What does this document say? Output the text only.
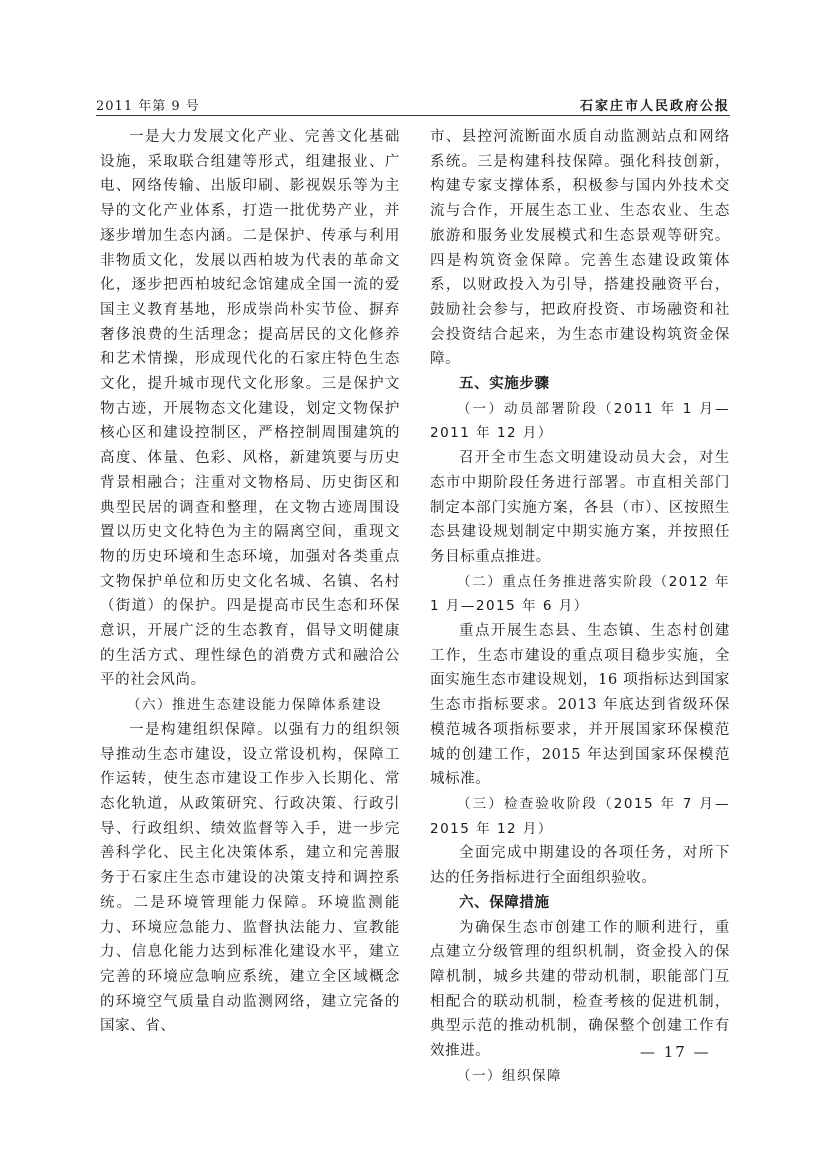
2011 年第 9 号	石家庄市人民政府公报

一是大力发展文化产业、完善文化基础设施，采取联合组建等形式，组建报业、广电、网络传输、出版印刷、影视娱乐等为主导的文化产业体系，打造一批优势产业，并逐步增加生态内涵。二是保护、传承与利用非物质文化，发展以西柏坡为代表的革命文化，逐步把西柏坡纪念馆建成全国一流的爱国主义教育基地，形成崇尚朴实节俭、摒弃奢侈浪费的生活理念；提高居民的文化修养和艺术情操，形成现代化的石家庄特色生态文化，提升城市现代文化形象。三是保护文物古迹，开展物态文化建设，划定文物保护核心区和建设控制区，严格控制周围建筑的高度、体量、色彩、风格，新建筑要与历史背景相融合；注重对文物格局、历史街区和典型民居的调查和整理，在文物古迹周围设置以历史文化特色为主的隔离空间，重现文物的历史环境和生态环境，加强对各类重点文物保护单位和历史文化名城、名镇、名村（街道）的保护。四是提高市民生态和环保意识，开展广泛的生态教育，倡导文明健康的生活方式、理性绿色的消费方式和融洽公平的社会风尚。

（六）推进生态建设能力保障体系建设

一是构建组织保障。以强有力的组织领导推动生态市建设，设立常设机构，保障工作运转，使生态市建设工作步入长期化、常态化轨道，从政策研究、行政决策、行政引导、行政组织、绩效监督等入手，进一步完善科学化、民主化决策体系，建立和完善服务于石家庄生态市建设的决策支持和调控系统。二是环境管理能力保障。环境监测能力、环境应急能力、监督执法能力、宣教能力、信息化能力达到标准化建设水平，建立完善的环境应急响应系统，建立全区域概念的环境空气质量自动监测网络，建立完备的国家、省、

市、县控河流断面水质自动监测站点和网络系统。三是构建科技保障。强化科技创新，构建专家支撑体系，积极参与国内外技术交流与合作，开展生态工业、生态农业、生态旅游和服务业发展模式和生态景观等研究。四是构筑资金保障。完善生态建设政策体系，以财政投入为引导，搭建投融资平台，鼓励社会参与，把政府投资、市场融资和社会投资结合起来，为生态市建设构筑资金保障。

五、实施步骤

（一）动员部署阶段（2011 年 1 月—2011 年 12 月）

召开全市生态文明建设动员大会，对生态市中期阶段任务进行部署。市直相关部门制定本部门实施方案，各县（市）、区按照生态县建设规划制定中期实施方案，并按照任务目标重点推进。

（二）重点任务推进落实阶段（2012 年 1 月—2015 年 6 月）

重点开展生态县、生态镇、生态村创建工作，生态市建设的重点项目稳步实施，全面实施生态市建设规划，16 项指标达到国家生态市指标要求。2013 年底达到省级环保模范城各项指标要求，并开展国家环保模范城的创建工作，2015 年达到国家环保模范城标准。

（三）检查验收阶段（2015 年 7 月—2015 年 12 月）

全面完成中期建设的各项任务，对所下达的任务指标进行全面组织验收。

六、保障措施

为确保生态市创建工作的顺利进行，重点建立分级管理的组织机制，资金投入的保障机制，城乡共建的带动机制，职能部门互相配合的联动机制，检查考核的促进机制，典型示范的推动机制，确保整个创建工作有效推进。

（一）组织保障

— 17 —
